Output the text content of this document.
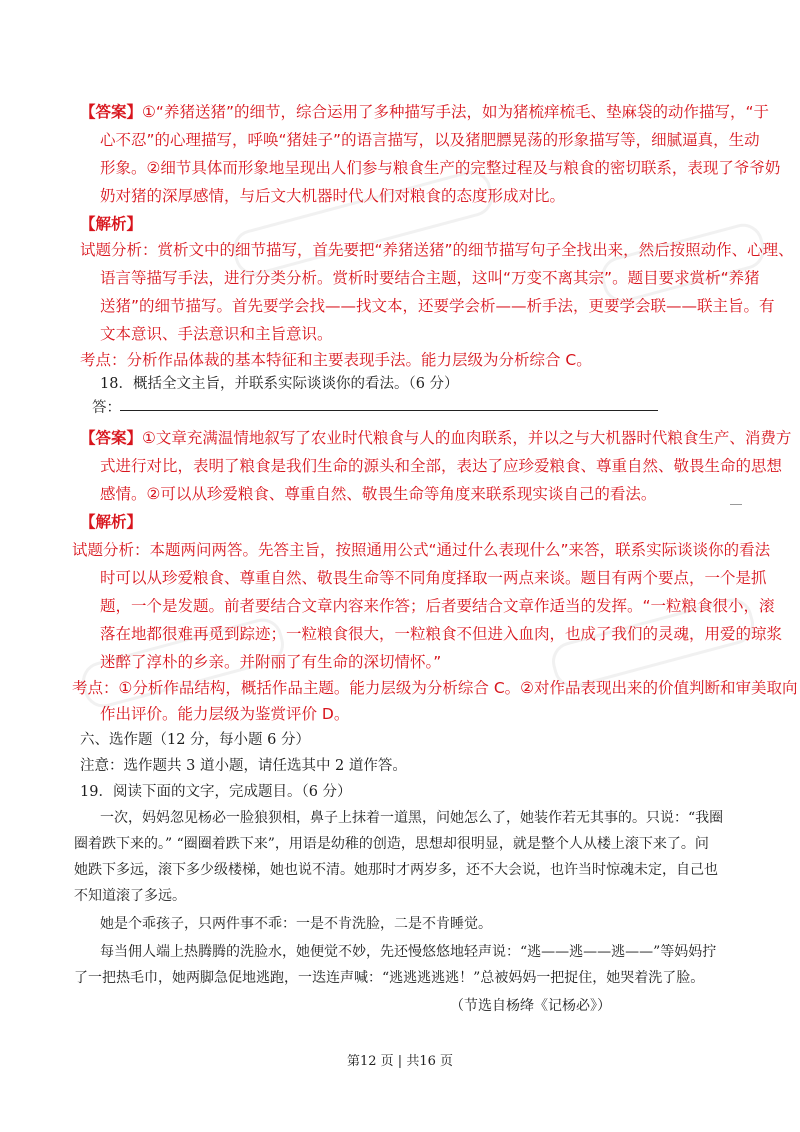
【答案】①“养猪送猪”的细节，综合运用了多种描写手法，如为猪梳痒梳毛、垫麻袋的动作描写，“于
心不忍”的心理描写，呼唤“猪娃子”的语言描写，以及猪肥膘晃荡的形象描写等，细腻逼真，生动
形象。②细节具体而形象地呈现出人们参与粮食生产的完整过程及与粮食的密切联系，表现了爷爷奶
奶对猪的深厚感情，与后文大机器时代人们对粮食的态度形成对比。
【解析】
试题分析：赏析文中的细节描写，首先要把“养猪送猪”的细节描写句子全找出来，然后按照动作、心理、
语言等描写手法，进行分类分析。赏析时要结合主题，这叫“万变不离其宗”。题目要求赏析“养猪
送猪”的细节描写。首先要学会找——找文本，还要学会析——析手法，更要学会联——联主旨。有
文本意识、手法意识和主旨意识。
考点：分析作品体裁的基本特征和主要表现手法。能力层级为分析综合 C。
18．概括全文主旨，并联系实际谈谈你的看法。（6 分）
答：
【答案】①文章充满温情地叙写了农业时代粮食与人的血肉联系，并以之与大机器时代粮食生产、消费方
式进行对比，表明了粮食是我们生命的源头和全部，表达了应珍爱粮食、尊重自然、敬畏生命的思想
感情。②可以从珍爱粮食、尊重自然、敬畏生命等角度来联系现实谈自己的看法。
【解析】
试题分析：本题两问两答。先答主旨，按照通用公式“通过什么表现什么”来答，联系实际谈谈你的看法
时可以从珍爱粮食、尊重自然、敬畏生命等不同角度择取一两点来谈。题目有两个要点，一个是抓
题，一个是发题。前者要结合文章内容来作答；后者要结合文章作适当的发挥。“一粒粮食很小，滚
落在地都很难再觅到踪迹；一粒粮食很大，一粒粮食不但进入血肉，也成了我们的灵魂，用爱的琼浆
迷醉了淳朴的乡亲。并附丽了有生命的深切情怀。”
考点：①分析作品结构，概括作品主题。能力层级为分析综合 C。②对作品表现出来的价值判断和审美取向
作出评价。能力层级为鉴赏评价 D。
六、选作题（12 分，每小题 6 分）
注意：选作题共 3 道小题，请任选其中 2 道作答。
19．阅读下面的文字，完成题目。（6 分）
一次，妈妈忽见杨必一脸狼狈相，鼻子上抹着一道黑，问她怎么了，她装作若无其事的。只说：“我圈
圈着跌下来的。” “圈圈着跌下来”，用语是幼稚的创造，思想却很明显，就是整个人从楼上滚下来了。问
她跌下多远，滚下多少级楼梯，她也说不清。她那时才两岁多，还不大会说，也许当时惊魂未定，自己也
不知道滚了多远。
她是个乖孩子，只两件事不乖：一是不肯洗脸，二是不肯睡觉。
每当佣人端上热腾腾的洗脸水，她便觉不妙，先还慢悠悠地轻声说：“逃——逃——逃——”等妈妈拧
了一把热毛巾，她两脚急促地逃跑，一迭连声喊：“逃逃逃逃逃！”总被妈妈一把捉住，她哭着洗了脸。
（节选自杨绛《记杨必》）
第12 页 | 共16 页
